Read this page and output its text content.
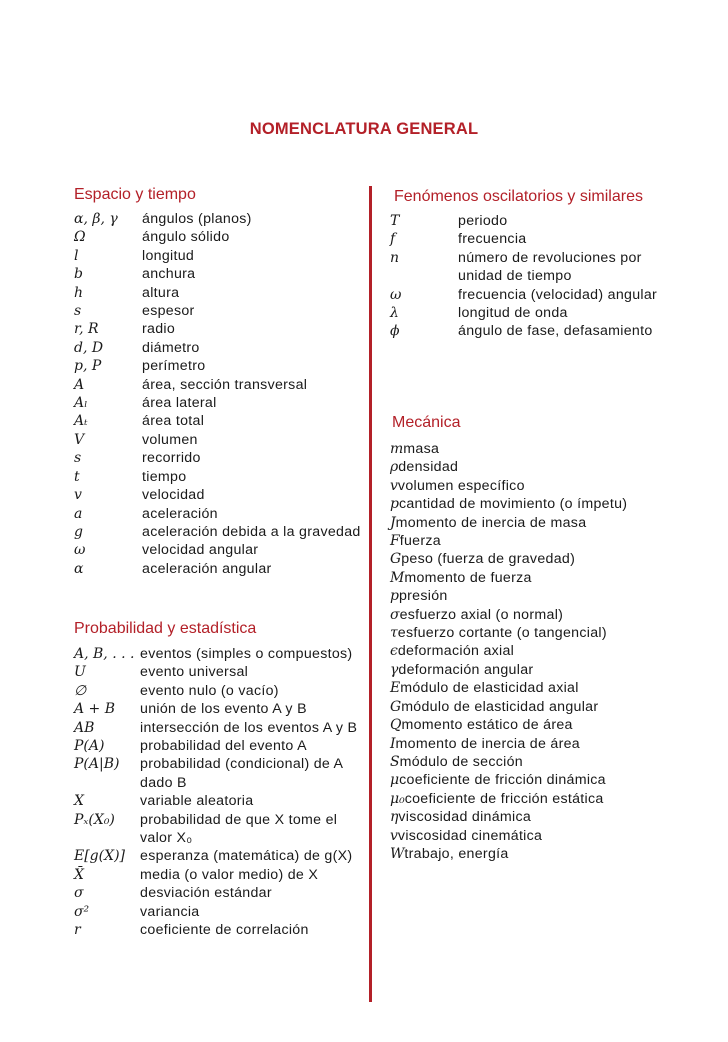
NOMENCLATURA GENERAL
Espacio y tiempo
α, β, γ	ángulos (planos)
Ω	ángulo sólido
l	longitud
b	anchura
h	altura
s	espesor
r, R	radio
d, D	diámetro
p, P	perímetro
A	área, sección transversal
Aₗ	área lateral
Aₜ	área total
V	volumen
s	recorrido
t	tiempo
v	velocidad
a	aceleración
g	aceleración debida a la gravedad
ω	velocidad angular
α	aceleración angular
Probabilidad y estadística
A, B, . . . eventos (simples o compuestos)
U	evento universal
∅	evento nulo (o vacío)
A + B	unión de los evento A y B
AB	intersección de los eventos A y B
P(A)	probabilidad del evento A
P(A|B)	probabilidad (condicional) de A dado B
X	variable aleatoria
Pₓ(X₀)	probabilidad de que X tome el valor X₀
E[g(X)]	esperanza (matemática) de g(X)
X̄	media (o valor medio) de X
σ	desviación estándar
σ²	variancia
r	coeficiente de correlación
Fenómenos oscilatorios y similares
T	periodo
f	frecuencia
n	número de revoluciones por unidad de tiempo
ω	frecuencia (velocidad) angular
λ	longitud de onda
ϕ	ángulo de fase, defasamiento
Mecánica
m masa
ρ densidad
v volumen específico
p cantidad de movimiento (o ímpetu)
J momento de inercia de masa
F fuerza
G peso (fuerza de gravedad)
M momento de fuerza
p presión
σ esfuerzo axial (o normal)
τ esfuerzo cortante (o tangencial)
ϵ deformación axial
γ deformación angular
E módulo de elasticidad axial
G módulo de elasticidad angular
Q momento estático de área
I momento de inercia de área
S módulo de sección
μ coeficiente de fricción dinámica
μ₀ coeficiente de fricción estática
η viscosidad dinámica
v viscosidad cinemática
W trabajo, energía
